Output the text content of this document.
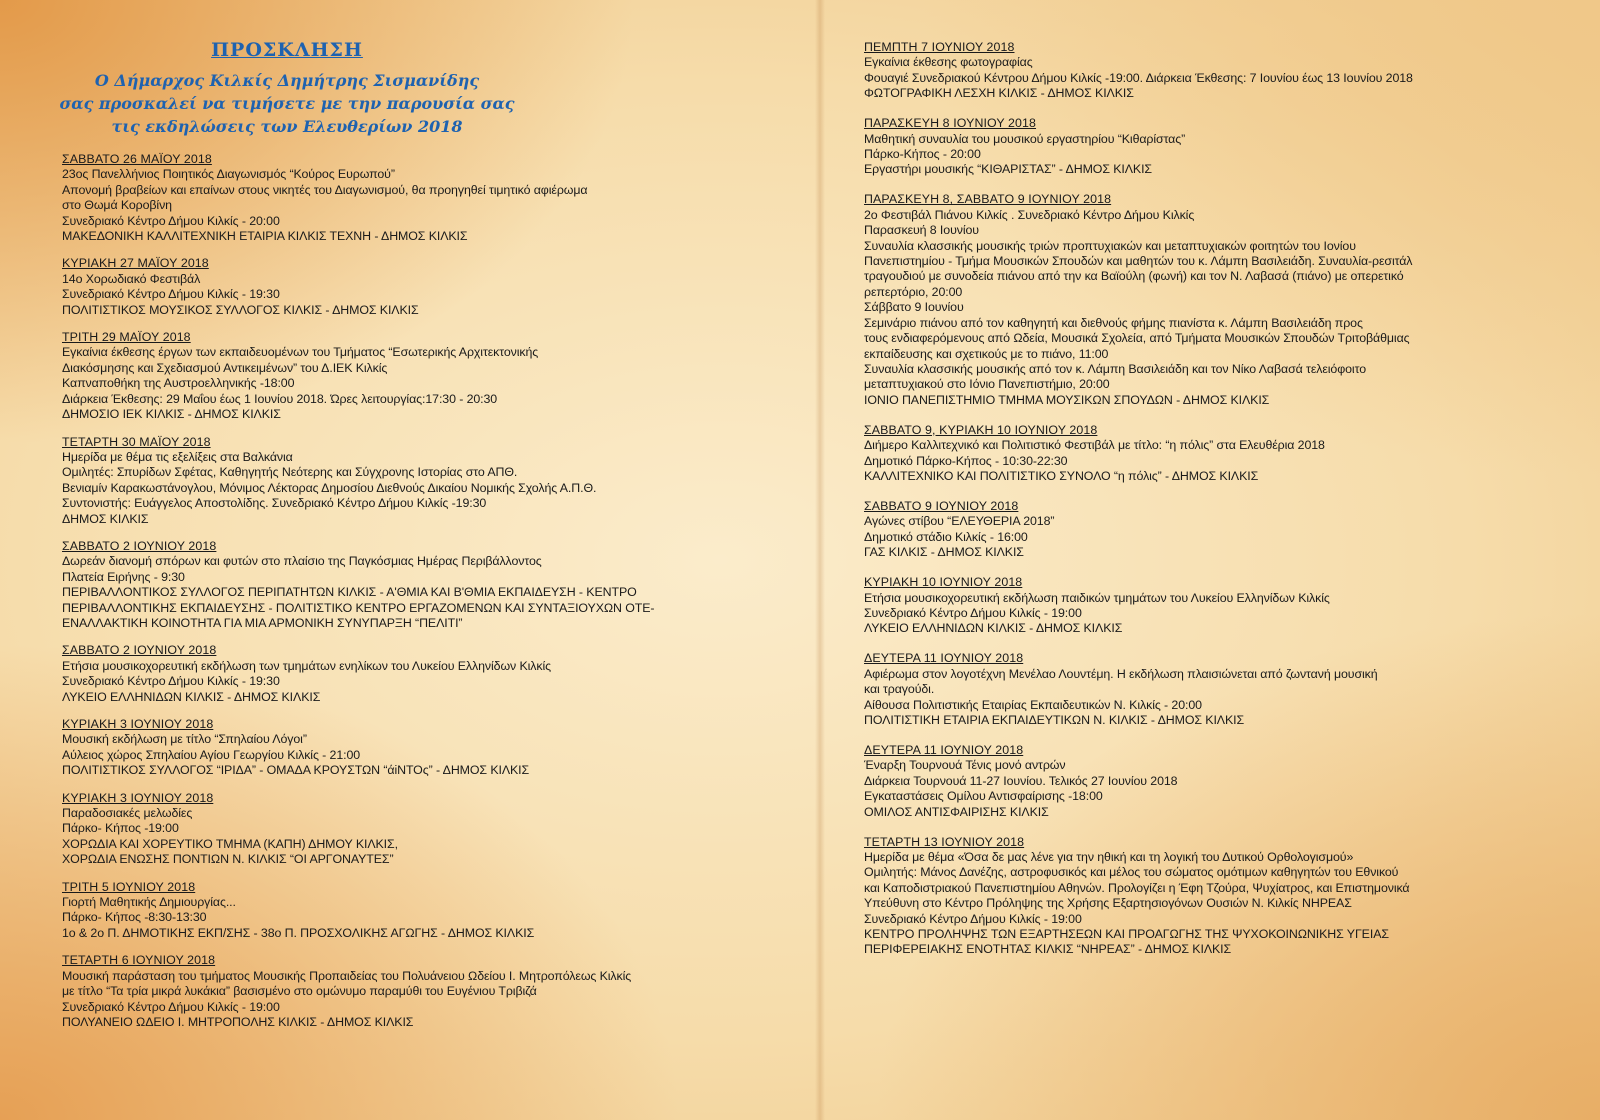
ΠΡΟΣΚΛΗΣΗ
Ο Δήμαρχος Κιλκίς Δημήτρης Σισμανίδης
σας προσκαλεί να τιμήσετε με την παρουσία σας
τις εκδηλώσεις των Ελευθερίων 2018
ΣΑΒΒΑΤΟ 26 ΜΑΪΟΥ 2018
23ος Πανελλήνιος Ποιητικός Διαγωνισμός “Κούρος Ευρωπού”
Απονομή βραβείων και επαίνων στους νικητές του Διαγωνισμού, θα προηγηθεί τιμητικό αφιέρωμα
στο Θωμά Κοροβίνη
Συνεδριακό Κέντρο Δήμου Κιλκίς - 20:00
ΜΑΚΕΔΟΝΙΚΗ ΚΑΛΛΙΤΕΧΝΙΚΗ ΕΤΑΙΡΙΑ ΚΙΛΚΙΣ ΤΕΧΝΗ - ΔΗΜΟΣ ΚΙΛΚΙΣ
ΚΥΡΙΑΚΗ 27 ΜΑΪΟΥ 2018
14ο Χορωδιακό Φεστιβάλ
Συνεδριακό Κέντρο Δήμου Κιλκίς - 19:30
ΠΟΛΙΤΙΣΤΙΚΟΣ ΜΟΥΣΙΚΟΣ ΣΥΛΛΟΓΟΣ ΚΙΛΚΙΣ - ΔΗΜΟΣ ΚΙΛΚΙΣ
ΤΡΙΤΗ 29 ΜΑΪΟΥ 2018
Εγκαίνια έκθεσης έργων των εκπαιδευομένων του Τμήματος “Εσωτερικής Αρχιτεκτονικής
Διακόσμησης και Σχεδιασμού Αντικειμένων” του Δ.ΙΕΚ Κιλκίς
Καπναποθήκη της Αυστροελληνικής -18:00
Διάρκεια Έκθεσης: 29 Μαΐου έως 1 Ιουνίου 2018. Ώρες λειτουργίας:17:30 - 20:30
ΔΗΜΟΣΙΟ ΙΕΚ ΚΙΛΚΙΣ - ΔΗΜΟΣ ΚΙΛΚΙΣ
ΤΕΤΑΡΤΗ 30 ΜΑΪΟΥ 2018
Ημερίδα με θέμα τις εξελίξεις στα Βαλκάνια
Ομιλητές: Σπυρίδων Σφέτας, Καθηγητής Νεότερης και Σύγχρονης Ιστορίας στο ΑΠΘ.
Βενιαμίν Καρακωστάνογλου, Μόνιμος Λέκτορας Δημοσίου Διεθνούς Δικαίου Νομικής Σχολής Α.Π.Θ.
Συντονιστής: Ευάγγελος Αποστολίδης. Συνεδριακό Κέντρο Δήμου Κιλκίς -19:30
ΔΗΜΟΣ ΚΙΛΚΙΣ
ΣΑΒΒΑΤΟ 2 ΙΟΥΝΙΟΥ 2018
Δωρεάν διανομή σπόρων και φυτών στο πλαίσιο της Παγκόσμιας Ημέρας Περιβάλλοντος
Πλατεία Ειρήνης - 9:30
ΠΕΡΙΒΑΛΛΟΝΤΙΚΟΣ ΣΥΛΛΟΓΟΣ ΠΕΡΙΠΑΤΗΤΩΝ ΚΙΛΚΙΣ - Α'ΘΜΙΑ ΚΑΙ Β'ΘΜΙΑ ΕΚΠΑΙΔΕΥΣΗ - ΚΕΝΤΡΟ
ΠΕΡΙΒΑΛΛΟΝΤΙΚΗΣ ΕΚΠΑΙΔΕΥΣΗΣ - ΠΟΛΙΤΙΣΤΙΚΟ ΚΕΝΤΡΟ ΕΡΓΑΖΟΜΕΝΩΝ ΚΑΙ ΣΥΝΤΑΞΙΟΥΧΩΝ ΟΤΕ-
ΕΝΑΛΛΑΚΤΙΚΗ ΚΟΙΝΟΤΗΤΑ ΓΙΑ ΜΙΑ ΑΡΜΟΝΙΚΗ ΣΥΝΥΠΑΡΞΗ “ΠΕΛΙΤΙ”
ΣΑΒΒΑΤΟ 2 ΙΟΥΝΙΟΥ 2018
Ετήσια μουσικοχορευτική εκδήλωση των τμημάτων ενηλίκων του Λυκείου Ελληνίδων Κιλκίς
Συνεδριακό Κέντρο Δήμου Κιλκίς - 19:30
ΛΥΚΕΙΟ ΕΛΛΗΝΙΔΩΝ ΚΙΛΚΙΣ - ΔΗΜΟΣ ΚΙΛΚΙΣ
ΚΥΡΙΑΚΗ 3 ΙΟΥΝΙΟΥ 2018
Μουσική εκδήλωση με τίτλο “Σπηλαίου Λόγοι”
Αύλειος χώρος Σπηλαίου Αγίου Γεωργίου Κιλκίς - 21:00
ΠΟΛΙΤΙΣΤΙΚΟΣ ΣΥΛΛΟΓΟΣ “ΙΡΙΔΑ” - ΟΜΑΔΑ ΚΡΟΥΣΤΩΝ “άiΝΤΟς” - ΔΗΜΟΣ ΚΙΛΚΙΣ
ΚΥΡΙΑΚΗ 3 ΙΟΥΝΙΟΥ 2018
Παραδοσιακές μελωδίες
Πάρκο- Κήπος -19:00
ΧΟΡΩΔΙΑ ΚΑΙ ΧΟΡΕΥΤΙΚΟ ΤΜΗΜΑ (ΚΑΠΗ) ΔΗΜΟΥ ΚΙΛΚΙΣ,
ΧΟΡΩΔΙΑ ΕΝΩΣΗΣ ΠΟΝΤΙΩΝ Ν. ΚΙΛΚΙΣ “ΟΙ ΑΡΓΟΝΑΥΤΕΣ”
ΤΡΙΤΗ 5 ΙΟΥΝΙΟΥ 2018
Γιορτή Μαθητικής Δημιουργίας...
Πάρκο- Κήπος -8:30-13:30
1ο & 2ο Π. ΔΗΜΟΤΙΚΗΣ ΕΚΠ/ΣΗΣ - 38ο Π. ΠΡΟΣΧΟΛΙΚΗΣ ΑΓΩΓΗΣ - ΔΗΜΟΣ ΚΙΛΚΙΣ
ΤΕΤΑΡΤΗ 6 ΙΟΥΝΙΟΥ 2018
Μουσική παράσταση του τμήματος Μουσικής Προπαιδείας του Πολυάνειου Ωδείου Ι. Μητροπόλεως Κιλκίς
με τίτλο “Τα τρία μικρά λυκάκια” βασισμένο στο ομώνυμο παραμύθι του Ευγένιου Τριβιζά
Συνεδριακό Κέντρο Δήμου Κιλκίς - 19:00
ΠΟΛΥΑΝΕΙΟ ΩΔΕΙΟ Ι. ΜΗΤΡΟΠΟΛΗΣ ΚΙΛΚΙΣ - ΔΗΜΟΣ ΚΙΛΚΙΣ
ΠΕΜΠΤΗ 7 ΙΟΥΝΙΟΥ 2018
Εγκαίνια έκθεσης φωτογραφίας
Φουαγιέ Συνεδριακού Κέντρου Δήμου Κιλκίς -19:00. Διάρκεια Έκθεσης: 7 Ιουνίου έως 13 Ιουνίου 2018
ΦΩΤΟΓΡΑΦΙΚΗ ΛΕΣΧΗ ΚΙΛΚΙΣ - ΔΗΜΟΣ ΚΙΛΚΙΣ
ΠΑΡΑΣΚΕΥΗ 8 ΙΟΥΝΙΟΥ 2018
Μαθητική συναυλία του μουσικού εργαστηρίου “Κιθαρίστας”
Πάρκο-Κήπος - 20:00
Εργαστήρι μουσικής “ΚΙΘΑΡΙΣΤΑΣ” - ΔΗΜΟΣ ΚΙΛΚΙΣ
ΠΑΡΑΣΚΕΥΗ 8, ΣΑΒΒΑΤΟ 9 ΙΟΥΝΙΟΥ 2018
2ο Φεστιβάλ Πιάνου Κιλκίς . Συνεδριακό Κέντρο Δήμου Κιλκίς
Παρασκευή 8 Ιουνίου
Συναυλία κλασσικής μουσικής τριών προπτυχιακών και μεταπτυχιακών φοιτητών του Ιονίου
Πανεπιστημίου - Τμήμα Μουσικών Σπουδών και μαθητών του κ. Λάμπη Βασιλειάδη. Συναυλία-ρεσιτάλ
τραγουδιού με συνοδεία πιάνου από την κα Βαϊούλη (φωνή) και τον Ν. Λαβασά (πιάνο) με οπερετικό
ρεπερτόριο, 20:00
Σάββατο 9 Ιουνίου
Σεμινάριο πιάνου από τον καθηγητή και διεθνούς φήμης πιανίστα κ. Λάμπη Βασιλειάδη προς
τους ενδιαφερόμενους από Ωδεία, Μουσικά Σχολεία, από Τμήματα Μουσικών Σπουδών Τριτοβάθμιας
εκπαίδευσης και σχετικούς με το πιάνο, 11:00
Συναυλία κλασσικής μουσικής από τον κ. Λάμπη Βασιλειάδη και τον Νίκο Λαβασά τελειόφοιτο
μεταπτυχιακού στο Ιόνιο Πανεπιστήμιο, 20:00
ΙΟΝΙΟ ΠΑΝΕΠΙΣΤΗΜΙΟ ΤΜΗΜΑ ΜΟΥΣΙΚΩΝ ΣΠΟΥΔΩΝ - ΔΗΜΟΣ ΚΙΛΚΙΣ
ΣΑΒΒΑΤΟ 9, ΚΥΡΙΑΚΗ 10 ΙΟΥΝΙΟΥ 2018
Διήμερο Καλλιτεχνικό και Πολιτιστικό Φεστιβάλ με τίτλο: “η πόλις” στα Ελευθέρια 2018
Δημοτικό Πάρκο-Κήπος - 10:30-22:30
ΚΑΛΛΙΤΕΧΝΙΚΟ ΚΑΙ ΠΟΛΙΤΙΣΤΙΚΟ ΣΥΝΟΛΟ “η πόλις” - ΔΗΜΟΣ ΚΙΛΚΙΣ
ΣΑΒΒΑΤΟ 9 ΙΟΥΝΙΟΥ 2018
Αγώνες στίβου “ΕΛΕΥΘΕΡΙΑ 2018”
Δημοτικό στάδιο Κιλκίς - 16:00
ΓΑΣ ΚΙΛΚΙΣ - ΔΗΜΟΣ ΚΙΛΚΙΣ
ΚΥΡΙΑΚΗ 10 ΙΟΥΝΙΟΥ 2018
Ετήσια μουσικοχορευτική εκδήλωση παιδικών τμημάτων του Λυκείου Ελληνίδων Κιλκίς
Συνεδριακό Κέντρο Δήμου Κιλκίς - 19:00
ΛΥΚΕΙΟ ΕΛΛΗΝΙΔΩΝ ΚΙΛΚΙΣ - ΔΗΜΟΣ ΚΙΛΚΙΣ
ΔΕΥΤΕΡΑ 11 ΙΟΥΝΙΟΥ 2018
Αφιέρωμα στον λογοτέχνη Μενέλαο Λουντέμη. Η εκδήλωση πλαισιώνεται από ζωντανή μουσική
και τραγούδι.
Αίθουσα Πολιτιστικής Εταιρίας Εκπαιδευτικών Ν. Κιλκίς - 20:00
ΠΟΛΙΤΙΣΤΙΚΗ ΕΤΑΙΡΙΑ ΕΚΠΑΙΔΕΥΤΙΚΩΝ Ν. ΚΙΛΚΙΣ - ΔΗΜΟΣ ΚΙΛΚΙΣ
ΔΕΥΤΕΡΑ 11 ΙΟΥΝΙΟΥ 2018
Έναρξη Τουρνουά Τένις μονό αντρών
Διάρκεια Τουρνουά 11-27 Ιουνίου. Τελικός 27 Ιουνίου 2018
Εγκαταστάσεις Ομίλου Αντισφαίρισης -18:00
ΟΜΙΛΟΣ ΑΝΤΙΣΦΑΙΡΙΣΗΣ ΚΙΛΚΙΣ
ΤΕΤΑΡΤΗ 13 ΙΟΥΝΙΟΥ 2018
Ημερίδα με θέμα «Όσα δε μας λένε για την ηθική και τη λογική του Δυτικού Ορθολογισμού»
Ομιλητής: Μάνος Δανέζης, αστροφυσικός και μέλος του σώματος ομότιμων καθηγητών του Εθνικού
και Καποδιστριακού Πανεπιστημίου Αθηνών. Προλογίζει η Έφη Τζούρα, Ψυχίατρος, και Επιστημονικά
Υπεύθυνη στο Κέντρο Πρόληψης της Χρήσης Εξαρτησιογόνων Ουσιών Ν. Κιλκίς ΝΗΡΕΑΣ
Συνεδριακό Κέντρο Δήμου Κιλκίς - 19:00
ΚΕΝΤΡΟ ΠΡΟΛΗΨΗΣ ΤΩΝ ΕΞΑΡΤΗΣΕΩΝ ΚΑΙ ΠΡΟΑΓΩΓΗΣ ΤΗΣ ΨΥΧΟΚΟΙΝΩΝΙΚΗΣ ΥΓΕΙΑΣ
ΠΕΡΙΦΕΡΕΙΑΚΗΣ ΕΝΟΤΗΤΑΣ ΚΙΛΚΙΣ “ΝΗΡΕΑΣ” - ΔΗΜΟΣ ΚΙΛΚΙΣ
